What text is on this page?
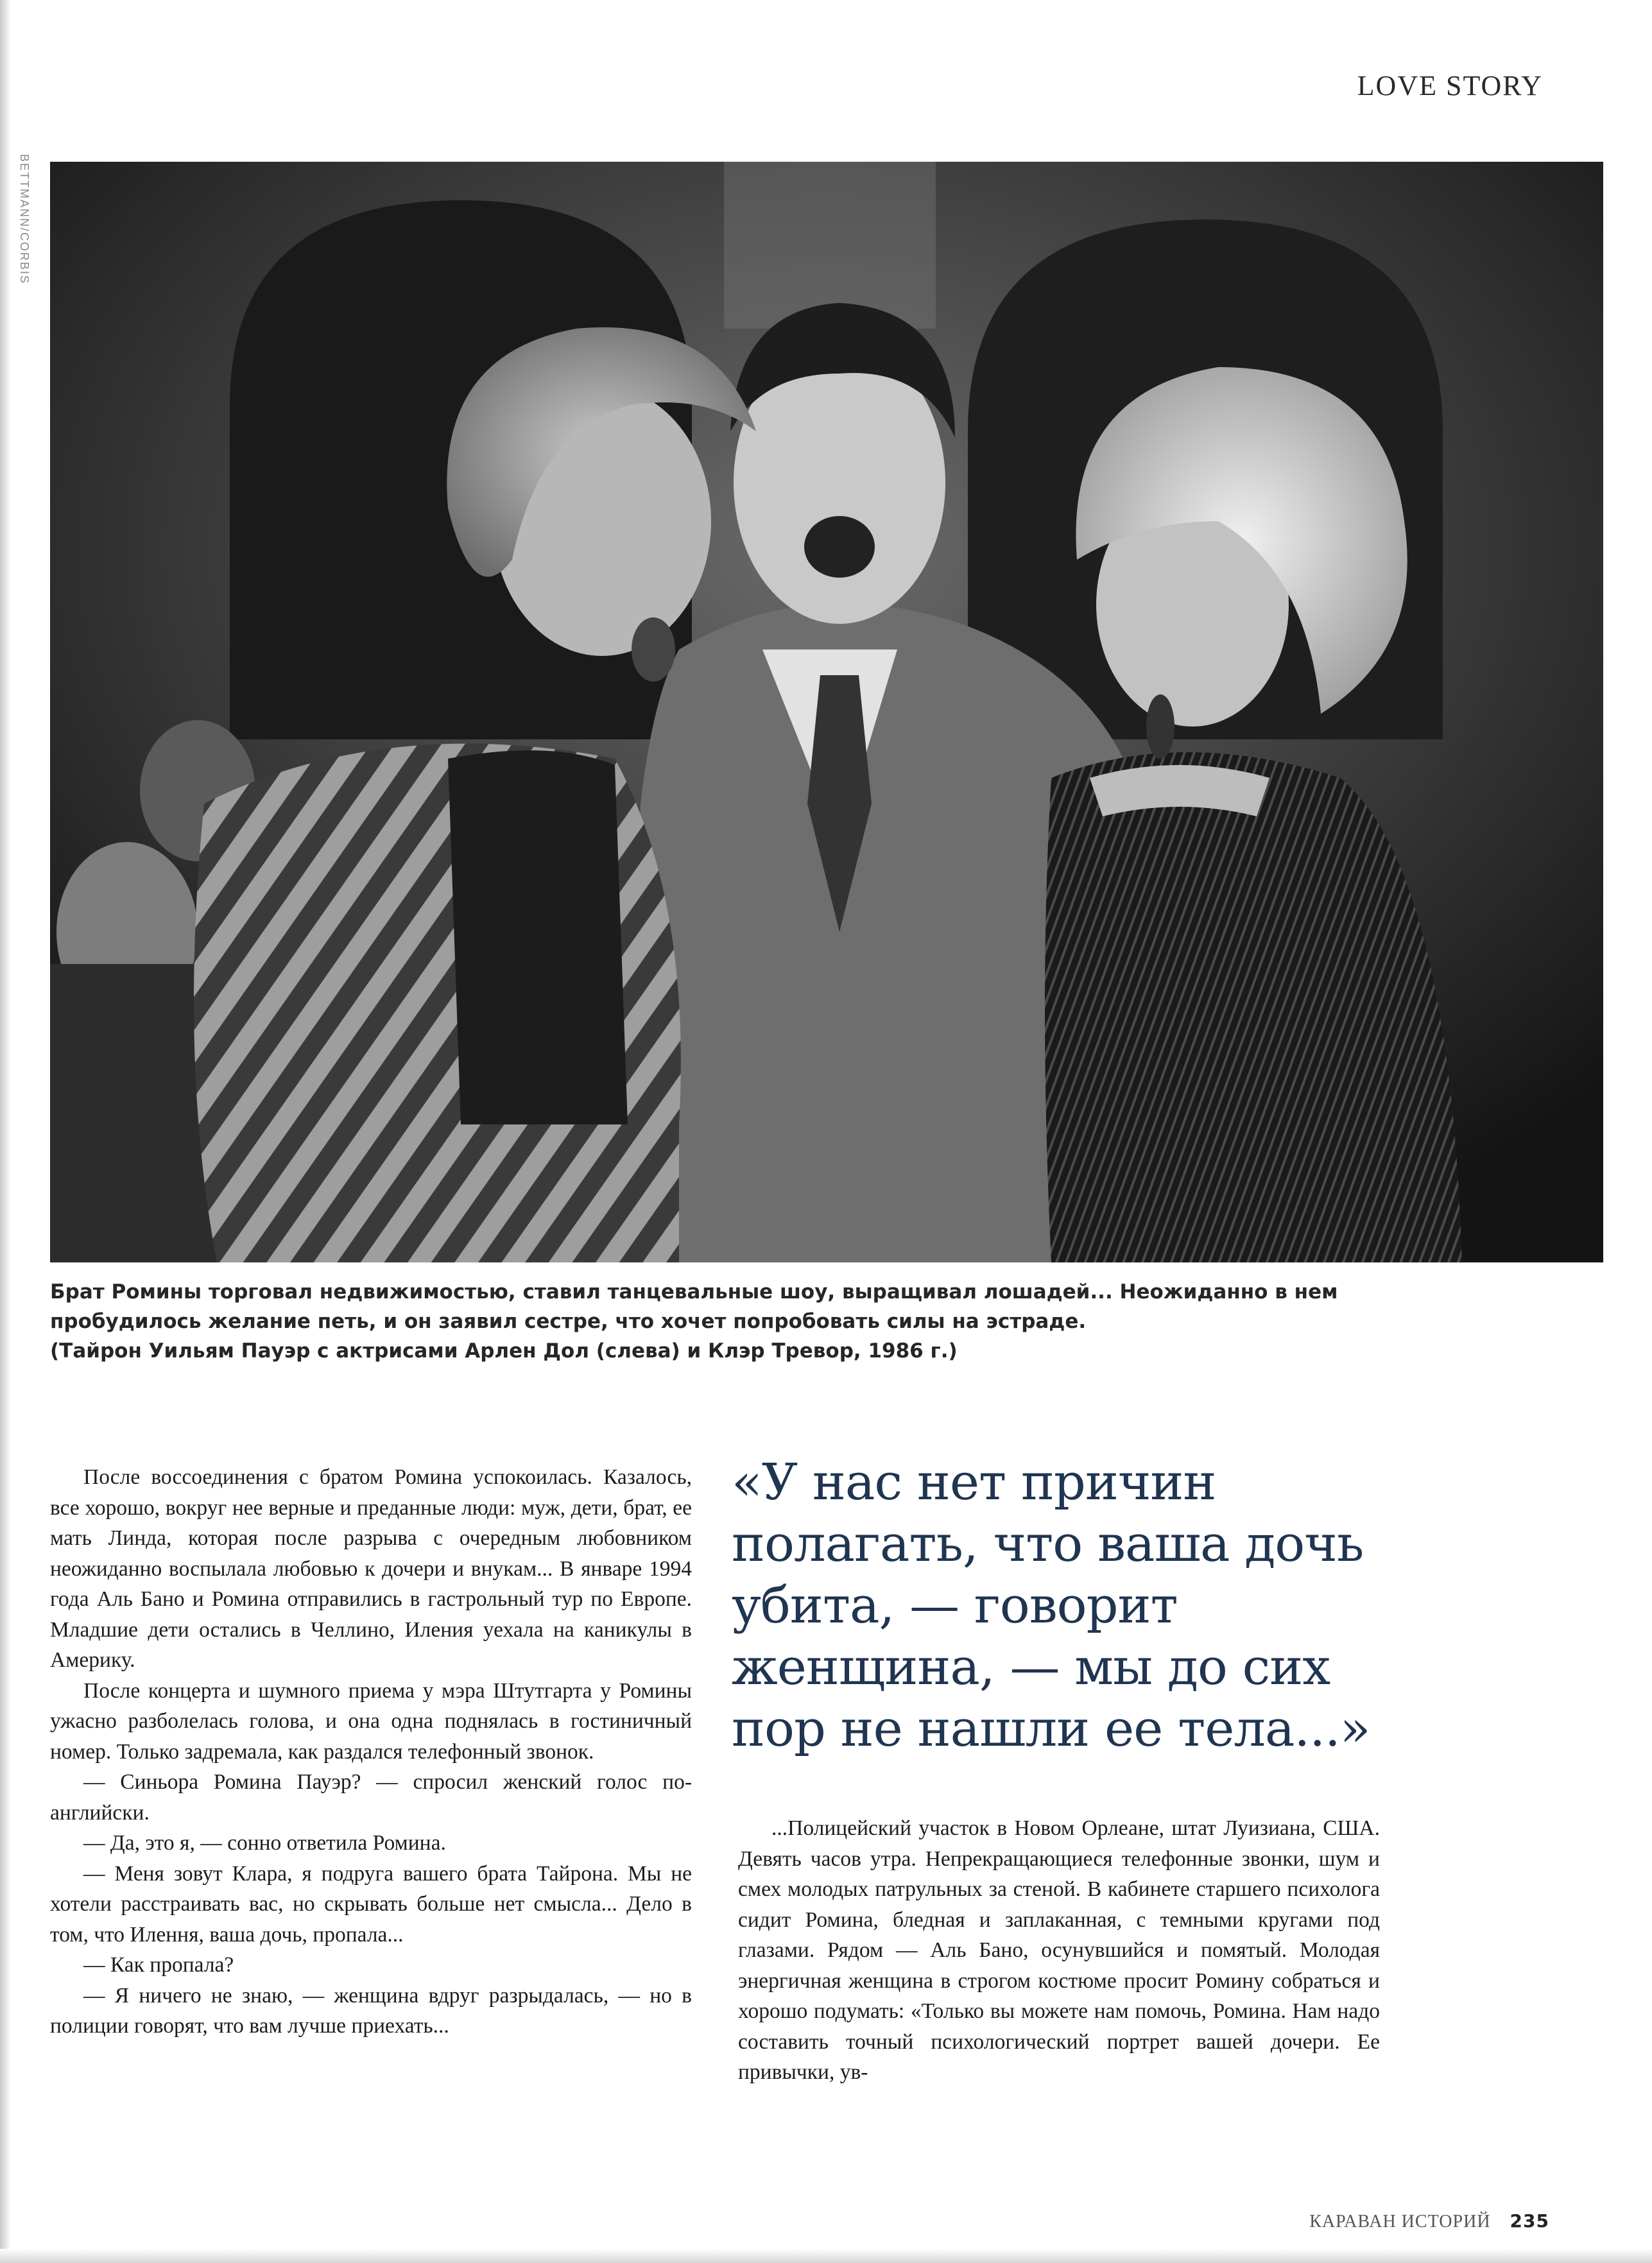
LOVE STORY
BETTMANN/CORBIS

Брат Ромины торговал недвижимостью, ставил танцевальные шоу, выращивал лошадей... Неожиданно в нем

пробудилось желание петь, и он заявил сестре, что хочет попробовать силы на эстраде.

(Тайрон Уильям Пауэр с актрисами Арлен Дол (слева) и Клэр Тревор, 1986 г.)

После воссоединения с братом Ромина успокоилась. Казалось, все хорошо, вокруг нее верные и преданные люди: муж, дети, брат, ее мать Линда, которая после разрыва с очередным любовником неожиданно воспылала любовью к дочери и внукам... В январе 1994 года Аль Бано и Ромина отправились в гастрольный тур по Европе. Младшие дети остались в Челлино, Иления уехала на каникулы в Америку.

После концерта и шумного приема у мэра Штутгарта у Ромины ужасно разболелась голова, и она одна поднялась в гостиничный номер. Только задремала, как раздался телефонный звонок.

— Синьора Ромина Пауэр? — спросил женский голос по-английски.

— Да, это я, — сонно ответила Ромина.

— Меня зовут Клара, я подруга вашего брата Тайрона. Мы не хотели расстраивать вас, но скрывать больше нет смысла... Дело в том, что Илення, ваша дочь, пропала...

— Как пропала?

— Я ничего не знаю, — женщина вдруг разрыдалась, — но в полиции говорят, что вам лучше приехать...

«У нас нет причин полагать, что ваша дочь убита, — говорит женщина, — мы до сих пор не нашли ее тела...»

...Полицейский участок в Новом Орлеане, штат Луизиана, США. Девять часов утра. Непрекращающиеся телефонные звонки, шум и смех молодых патрульных за стеной. В кабинете старшего психолога сидит Ромина, бледная и заплаканная, с темными кругами под глазами. Рядом — Аль Бано, осунувшийся и помятый. Молодая энергичная женщина в строгом костюме просит Ромину собраться и хорошо подумать: «Только вы можете нам помочь, Ромина. Нам надо составить точный психологический портрет вашей дочери. Ее привычки, ув-

КАРАВАН ИСТОРИЙ 235
